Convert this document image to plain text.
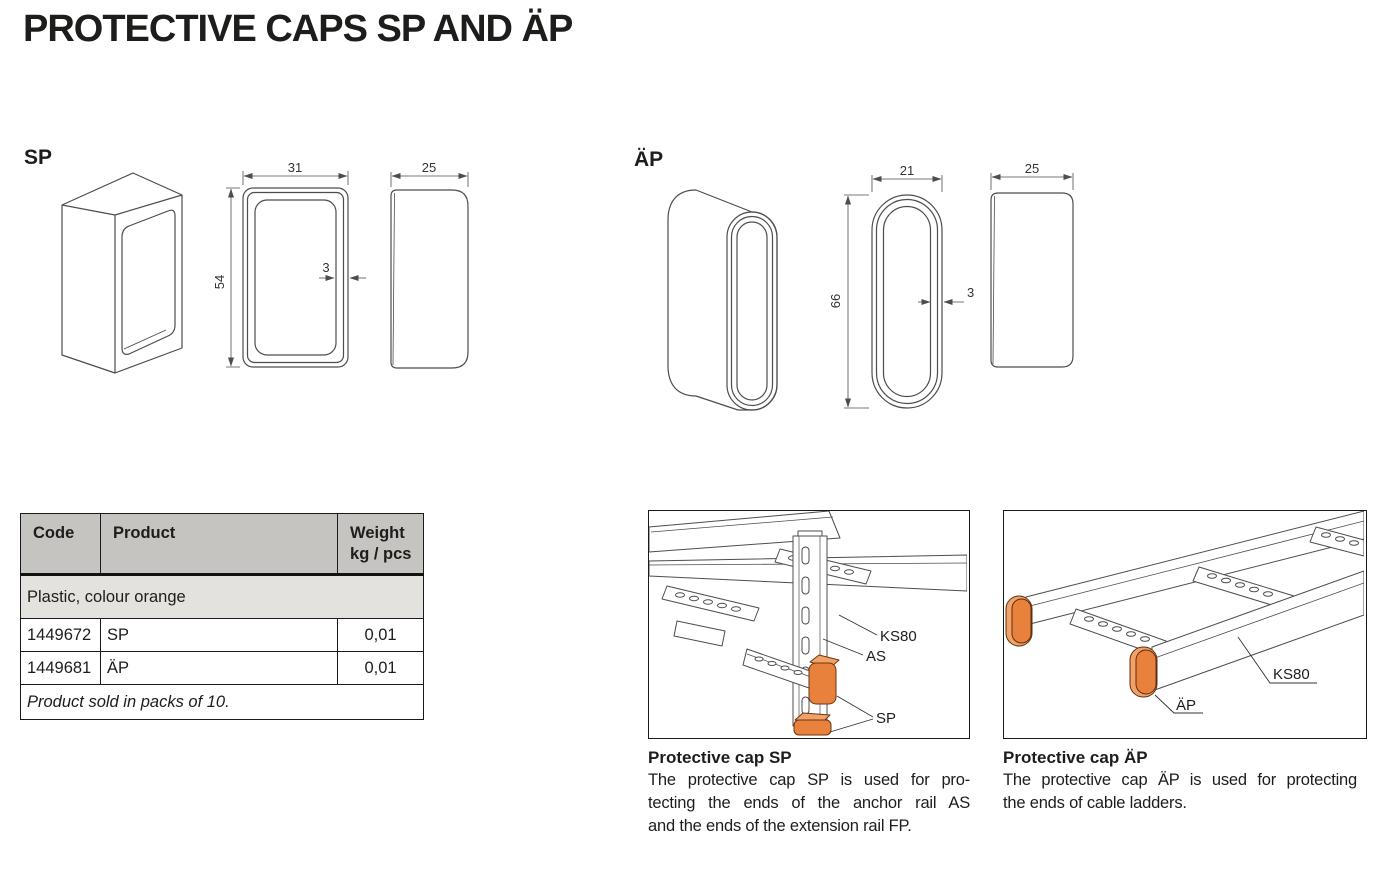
PROTECTIVE CAPS SP AND ÄP
SP	ÄP
31
54
3
25	21
66
3
25
Code	Product	Weight
kg / pcs

Plastic, colour orange		
1449672	SP	0,01
1449681	ÄP	0,01
Product sold in packs of 10.		
KS80
AS
SP
KS80
ÄP
Protective cap SP
The protective cap SP is used for pro-
tecting the ends of the anchor rail AS
and the ends of the extension rail FP.
Protective cap ÄP
The protective cap ÄP is used for protecting
the ends of cable ladders.
